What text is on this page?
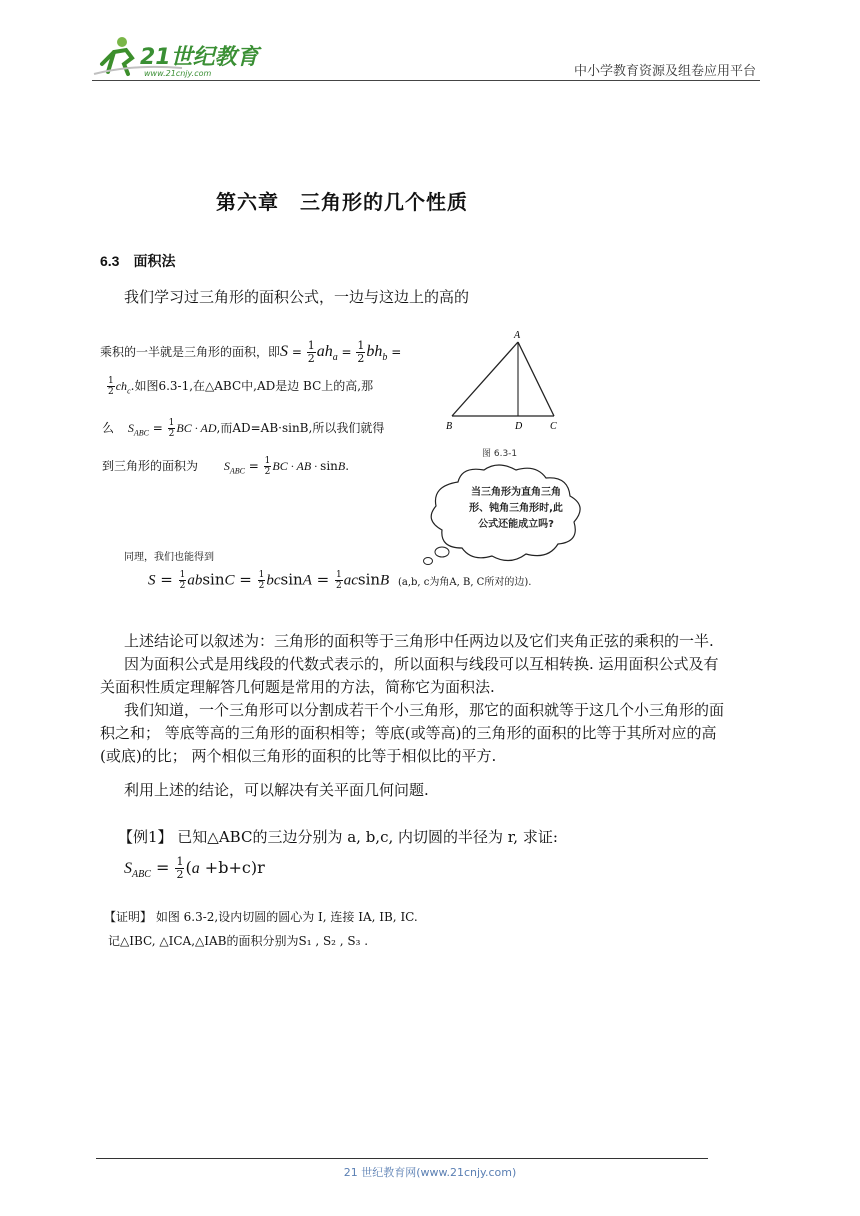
21世纪教育
www.21cnjy.com	中小学教育资源及组卷应用平台
第六章　三角形的几个性质
6.3　面积法
我们学习过三角形的面积公式，一边与这边上的高的
乘积的一半就是三角形的面积，即$S = \frac{1}{2} ah_a = \frac{1}{2} bh_b$ =
$\frac{1}{2} ch_c$.如图6.3-1,在△ABC中,AD是边 BC上的高,那
么 $S_{ABC} = \frac{1}{2}$ BC · AD,而AD=AB·sinB,所以我们就得
到三角形的面积为 $S_{ABC} = \frac{1}{2}$ BC · AB · sinB.
A
B	D	C
图 6.3-1
当三角形为直角三角形、钝角三角形时,此公式还能成立吗?
同理，我们也能得到
$S = \frac{1}{2}$ $absinC = \frac{1}{2}$ $bcsinA = \frac{1}{2}$ acsinB (a,b, c为角A, B, C所对的边).
上述结论可以叙述为：三角形的面积等于三角形中任两边以及它们夹角正弦的乘积的一半.
因为面积公式是用线段的代数式表示的，所以面积与线段可以互相转换. 运用面积公式及有
关面积性质定理解答几何题是常用的方法，简称它为面积法.
我们知道，一个三角形可以分割成若干个小三角形，那它的面积就等于这几个小三角形的面
积之和； 等底等高的三角形的面积相等；等底(或等高)的三角形的面积的比等于其所对应的高
(或底)的比； 两个相似三角形的面积的比等于相似比的平方.
利用上述的结论，可以解决有关平面几何问题.
【例1】 已知△ABC的三边分别为 a, b,c, 内切圆的半径为 r, 求证:
$S_{ABC} = \frac{1}{2} (a +b+c)r$
【证明】 如图 6.3-2,设内切圆的圆心为 I, 连接 IA, IB, IC.
记△IBC, △ICA,△IAB的面积分别为S₁ , S₂ , S₃ .
21 世纪教育网(www.21cnjy.com)
